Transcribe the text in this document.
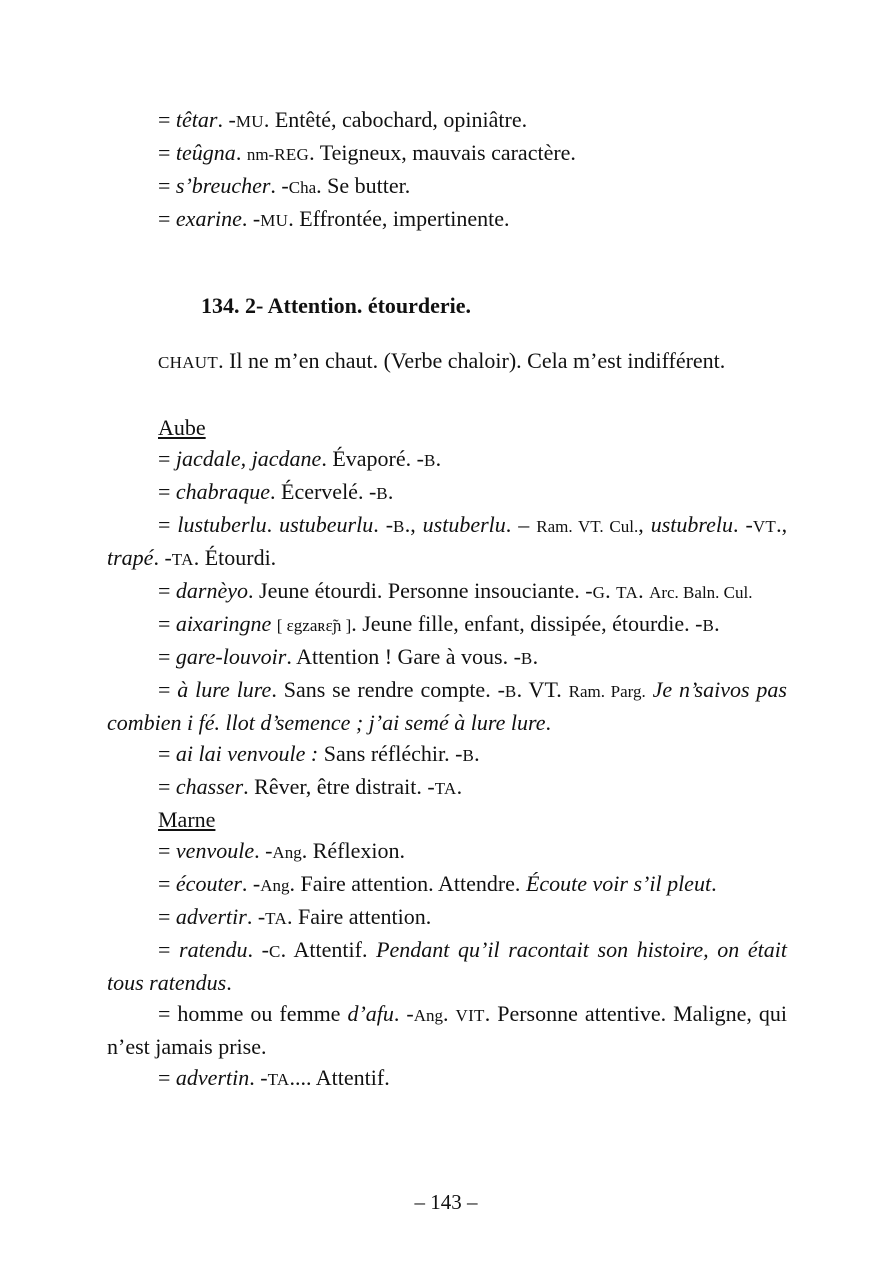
= têtar. -MU. Entêté, cabochard, opiniâtre.

= teûgna. nm-REG. Teigneux, mauvais caractère.

= s’breucher. -Cha. Se butter.

= exarine. -MU. Effrontée, impertinente.

134. 2- Attention. étourderie.

CHAUT. Il ne m’en chaut. (Verbe chaloir). Cela m’est indifférent.

Aube

= jacdale, jacdane. Évaporé. -B.

= chabraque. Écervelé. -B.

= lustuberlu. ustubeurlu. -B., ustuberlu. – Ram. VT. Cul., ustubrelu. -VT., trapé. -TA. Étourdi.

= darnèyo. Jeune étourdi. Personne insouciante. -G. TA. Arc. Baln. Cul.

= aixaringne [ ɛgzaʀɛ̃ɲ ]. Jeune fille, enfant, dissipée, étourdie. -B.

= gare-louvoir. Attention ! Gare à vous. -B.

= à lure lure. Sans se rendre compte. -B. VT. Ram. Parg. Je n’saivos pas combien i fé. llot d’semence ; j’ai semé à lure lure.

= ai lai venvoule : Sans réfléchir. -B.

= chasser. Rêver, être distrait. -TA.

Marne

= venvoule. -Ang. Réflexion.

= écouter. -Ang. Faire attention. Attendre. Écoute voir s’il pleut.

= advertir. -TA. Faire attention.

= ratendu. -C. Attentif. Pendant qu’il racontait son histoire, on était tous ratendus.

= homme ou femme d’afu. -Ang. VIT. Personne attentive. Maligne, qui n’est jamais prise.

= advertin. -TA.... Attentif.

– 143 –
